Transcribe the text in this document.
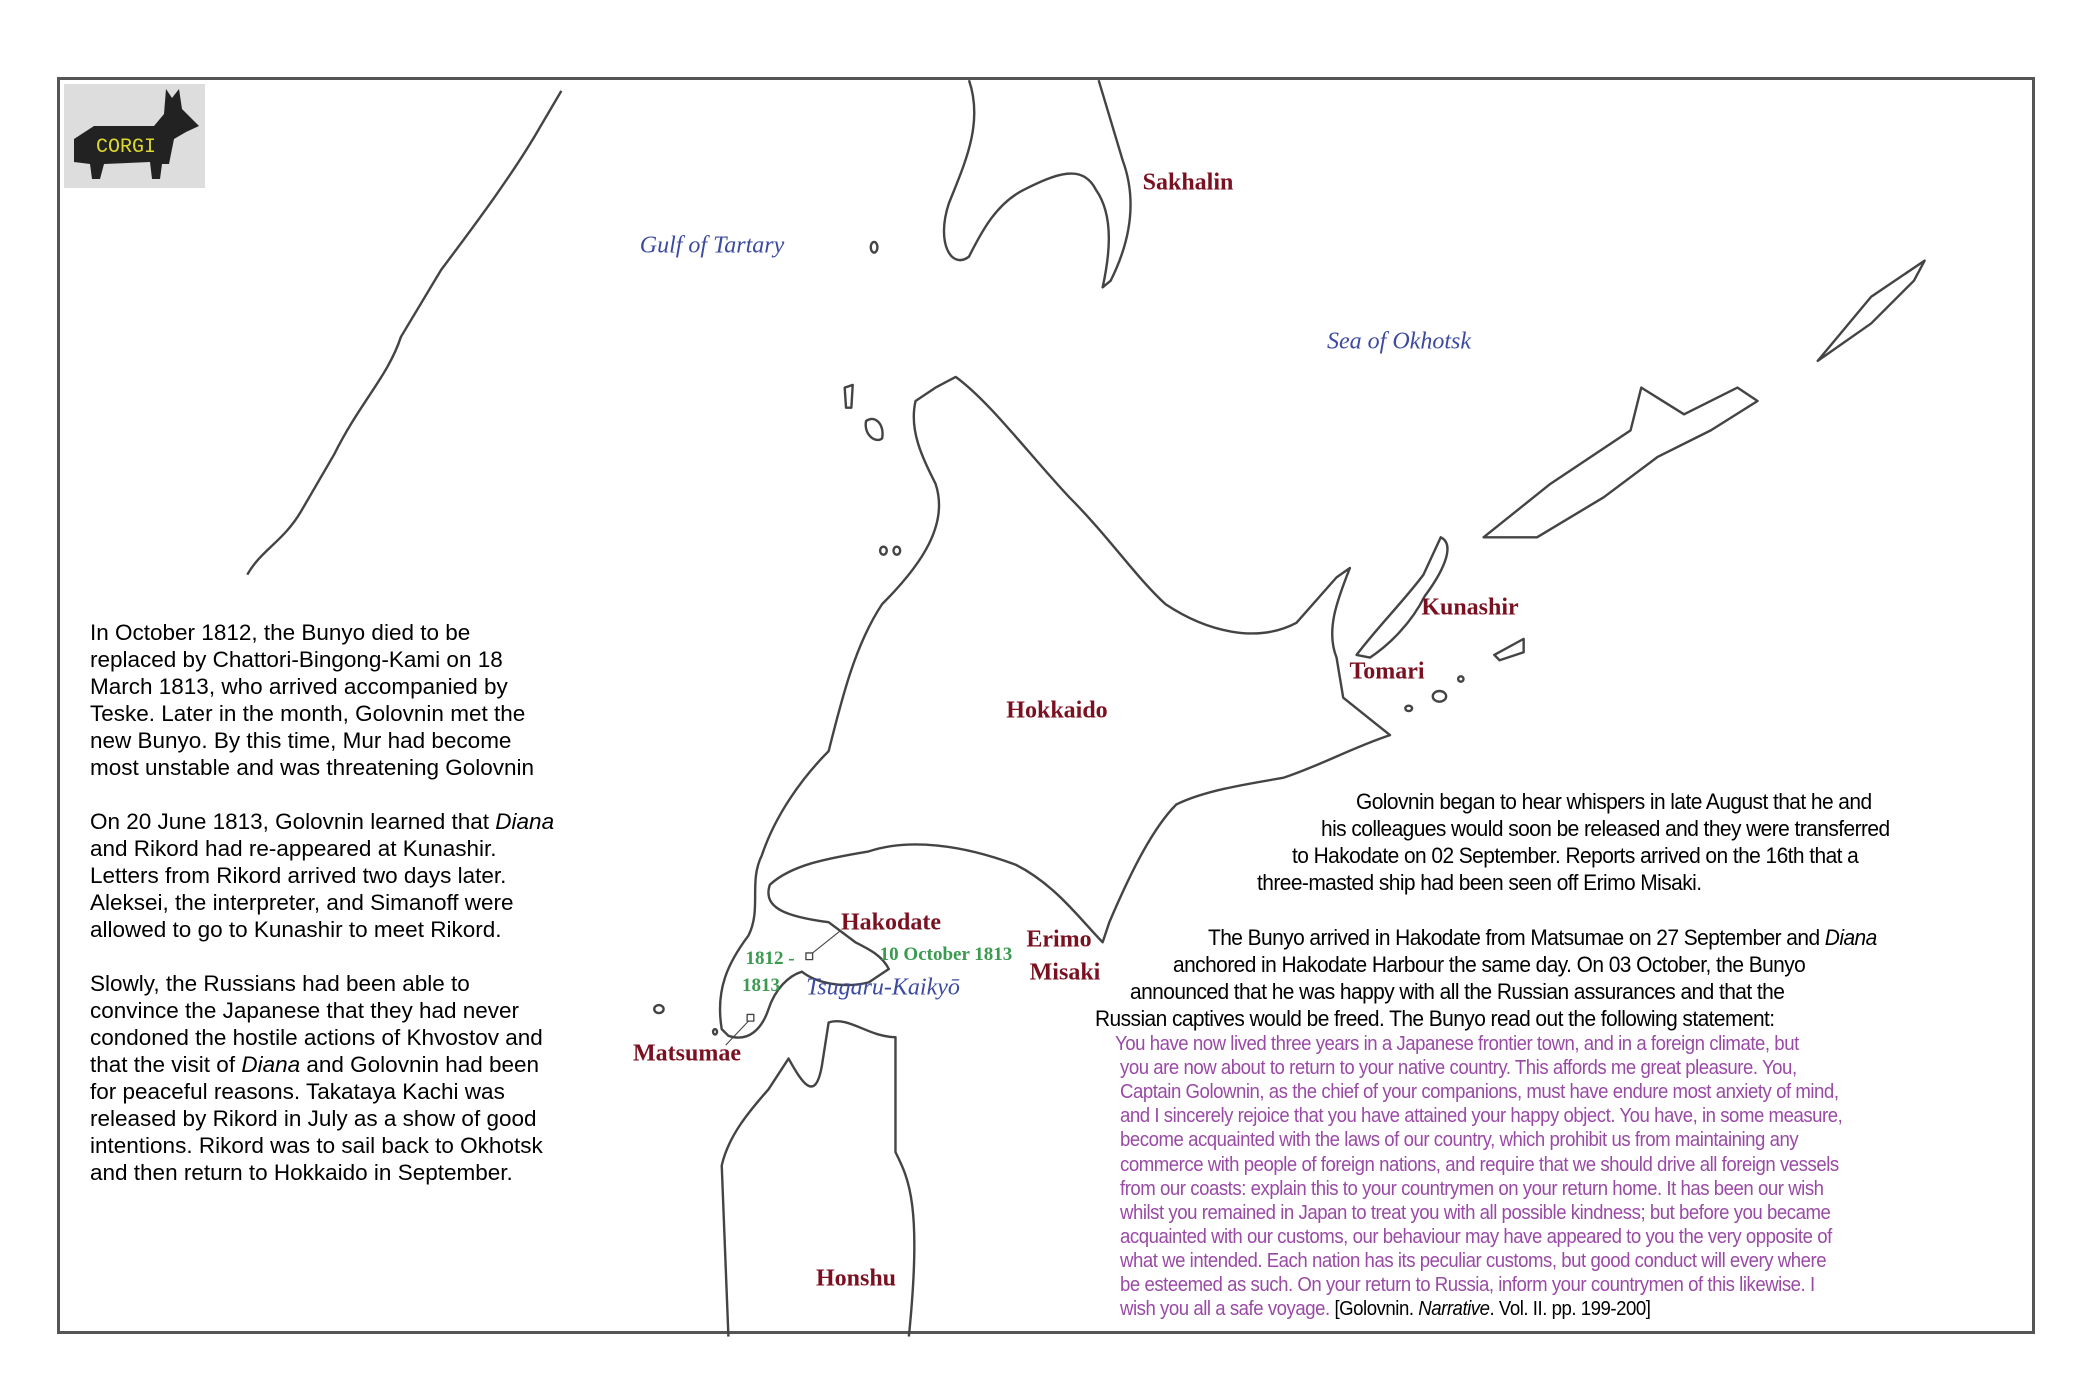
CORGI
Sakhalin
Gulf of Tartary
Sea of Okhotsk
Kunashir
Tomari
Hokkaido
Hakodate
Erimo
Misaki
10 October 1813
1812 -
1813 Tsugaru-Kaikyō
Matsumae
Honshu

In October 1812, the Bunyo died to be replaced by Chattori-Bingong-Kami on 18 March 1813, who arrived accompanied by Teske. Later in the month, Golovnin met the new Bunyo. By this time, Mur had become most unstable and was threatening Golovnin

On 20 June 1813, Golovnin learned that Diana and Rikord had re-appeared at Kunashir. Letters from Rikord arrived two days later. Aleksei, the interpreter, and Simanoff were allowed to go to Kunashir to meet Rikord.

Slowly, the Russians had been able to convince the Japanese that they had never condoned the hostile actions of Khvostov and that the visit of Diana and Golovnin had been for peaceful reasons. Takataya Kachi was released by Rikord in July as a show of good intentions. Rikord was to sail back to Okhotsk and then return to Hokkaido in September.

Golovnin began to hear whispers in late August that he and
his colleagues would soon be released and they were transferred
to Hakodate on 02 September. Reports arrived on the 16th that a
three-masted ship had been seen off Erimo Misaki.
The Bunyo arrived in Hakodate from Matsumae on 27 September and Diana
anchored in Hakodate Harbour the same day. On 03 October, the Bunyo
announced that he was happy with all the Russian assurances and that the
Russian captives would be freed. The Bunyo read out the following statement:
You have now lived three years in a Japanese frontier town, and in a foreign climate, but
you are now about to return to your native country. This affords me great pleasure. You,
Captain Golownin, as the chief of your companions, must have endure most anxiety of mind,
and I sincerely rejoice that you have attained your happy object. You have, in some measure,
become acquainted with the laws of our country, which prohibit us from maintaining any
commerce with people of foreign nations, and require that we should drive all foreign vessels
from our coasts: explain this to your countrymen on your return home. It has been our wish
whilst you remained in Japan to treat you with all possible kindness; but before you became
acquainted with our customs, our behaviour may have appeared to you the very opposite of
what we intended. Each nation has its peculiar customs, but good conduct will every where
be esteemed as such. On your return to Russia, inform your countrymen of this likewise. I
wish you all a safe voyage. [Golovnin. Narrative. Vol. II. pp. 199-200]
